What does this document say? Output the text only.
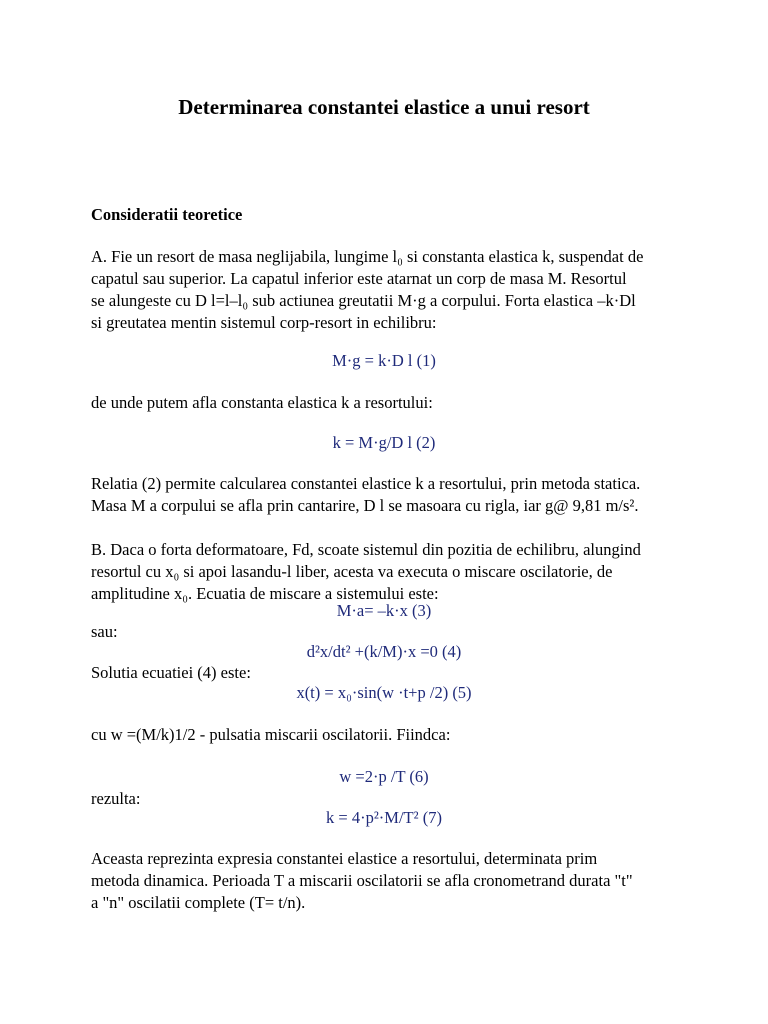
Determinarea constantei elastice a unui resort
Consideratii teoretice
A. Fie un resort de masa neglijabila, lungime l₀ si constanta elastica k, suspendat de
capatul sau superior. La capatul inferior este atarnat un corp de masa M. Resortul
se alungeste cu D l=l–l₀ sub actiunea greutatii M·g a corpului. Forta elastica –k·Dl
si greutatea mentin sistemul corp-resort in echilibru:
M·g = k·D l (1)
de unde putem afla constanta elastica k a resortului:
k = M·g/D l (2)
Relatia (2) permite calcularea constantei elastice k a resortului, prin metoda statica.
Masa M a corpului se afla prin cantarire, D l se masoara cu rigla, iar g@ 9,81 m/s².
B. Daca o forta deformatoare, Fd, scoate sistemul din pozitia de echilibru, alungind
resortul cu x₀ si apoi lasandu-l liber, acesta va executa o miscare oscilatorie, de
amplitudine x₀. Ecuatia de miscare a sistemului este:
M·a= –k·x (3)
sau:
d²x/dt² +(k/M)·x =0 (4)
Solutia ecuatiei (4) este:
x(t) = x₀·sin(w ·t+p /2) (5)
cu w =(M/k)1/2 - pulsatia miscarii oscilatorii. Fiindca:
w =2·p /T (6)
rezulta:
k = 4·p²·M/T² (7)
Aceasta reprezinta expresia constantei elastice a resortului, determinata prim
metoda dinamica. Perioada T a miscarii oscilatorii se afla cronometrand durata "t"
a "n" oscilatii complete (T= t/n).
